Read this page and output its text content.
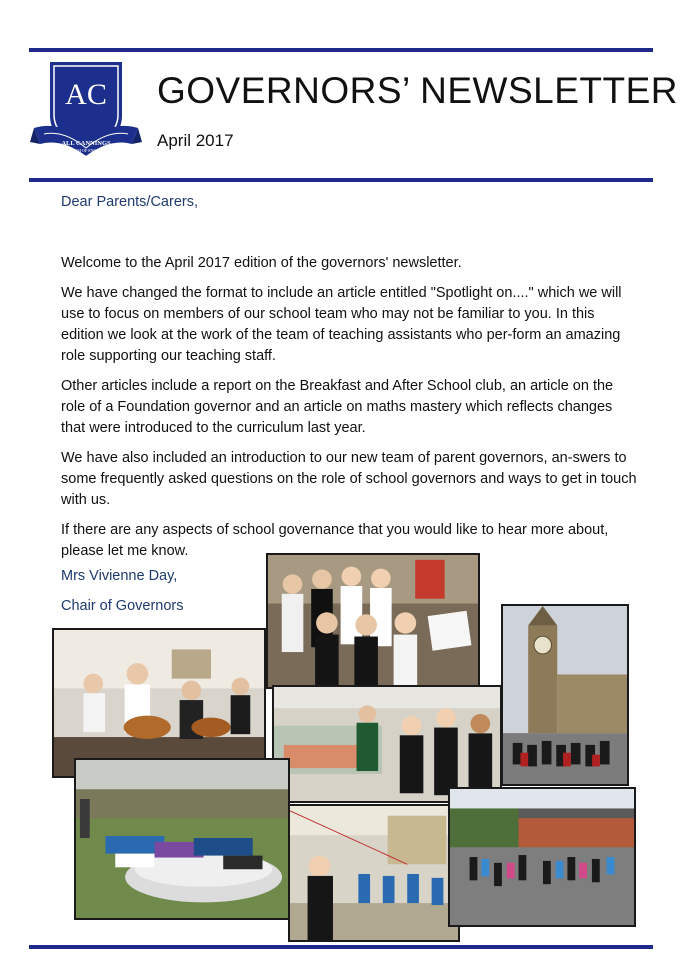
AC
ALL CANNINGS
CHURCH OF ENGLAND
PRIMARY SCHOOL
GOVERNORS’ NEWSLETTER
April 2017
Dear Parents/Carers,

Welcome to the April 2017 edition of the governors' newsletter.

We have changed the format to include an article entitled "Spotlight on...." which we will use to focus on members of our school team who may not be familiar to you. In this edition we look at the work of the team of teaching assistants who per-form an amazing role supporting our teaching staff.

Other articles include a report on the Breakfast and After School club, an article on the role of a Foundation governor and an article on maths mastery which reflects changes that were introduced to the curriculum last year.

We have also included an introduction to our new team of parent governors, an-swers to some frequently asked questions on the role of school governors and ways to get in touch with us.

If there are any aspects of school governance that you would like to hear more about, please let me know.

Mrs Vivienne Day,
Chair of Governors
